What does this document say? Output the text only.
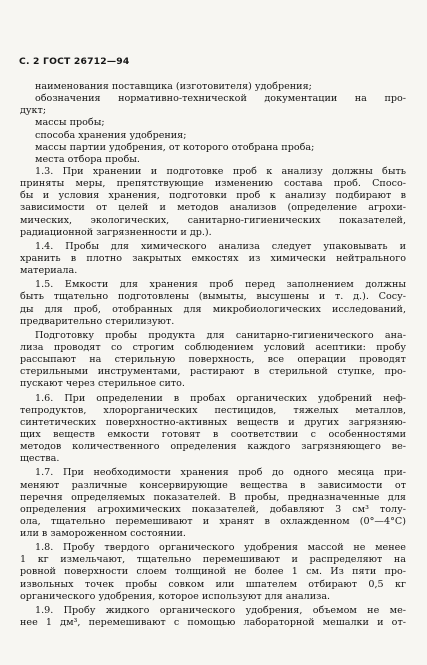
С. 2 ГОСТ 26712—94
наименования поставщика (изготовителя) удобрения;
обозначения нормативно-технической документации на про-
дукт;
массы пробы;
способа хранения удобрения;
массы партии удобрения, от которого отобрана проба;
места отбора пробы.
1.3. При хранении и подготовке проб к анализу должны быть
приняты меры, препятствующие изменению состава проб. Спосо-
бы и условия хранения, подготовки проб к анализу подбирают в
зависимости от целей и методов анализов (определение агрохи-
мических, экологических, санитарно-гигиенических показателей,
радиационной загрязненности и др.).
1.4. Пробы для химического анализа следует упаковывать и
хранить в плотно закрытых емкостях из химически нейтрального
материала.
1.5. Емкости для хранения проб перед заполнением должны
быть тщательно подготовлены (вымыты, высушены и т. д.). Сосу-
ды для проб, отобранных для микробиологических исследований,
предварительно стерилизуют.
Подготовку пробы продукта для санитарно-гигиенического ана-
лиза проводят со строгим соблюдением условий асептики: пробу
рассыпают на стерильную поверхность, все операции проводят
стерильными инструментами, растирают в стерильной ступке, про-
пускают через стерильное сито.
1.6. При определении в пробах органических удобрений неф-
тепродуктов, хлорорганических пестицидов, тяжелых металлов,
синтетических поверхностно-активных веществ и других загрязняю-
щих веществ емкости готовят в соответствии с особенностями
методов количественного определения каждого загрязняющего ве-
щества.
1.7. При необходимости хранения проб до одного месяца при-
меняют различные консервирующие вещества в зависимости от
перечня определяемых показателей. В пробы, предназначенные для
определения агрохимических показателей, добавляют 3 см³ толу-
ола, тщательно перемешивают и хранят в охлажденном (0°—4°С)
или в замороженном состоянии.
1.8. Пробу твердого органического удобрения массой не менее
1 кг измельчают, тщательно перемешивают и распределяют на
ровной поверхности слоем толщиной не более 1 см. Из пяти про-
извольных точек пробы совком или шпателем отбирают 0,5 кг
органического удобрения, которое используют для анализа.
1.9. Пробу жидкого органического удобрения, объемом не ме-
нее 1 дм³, перемешивают с помощью лабораторной мешалки и от-
